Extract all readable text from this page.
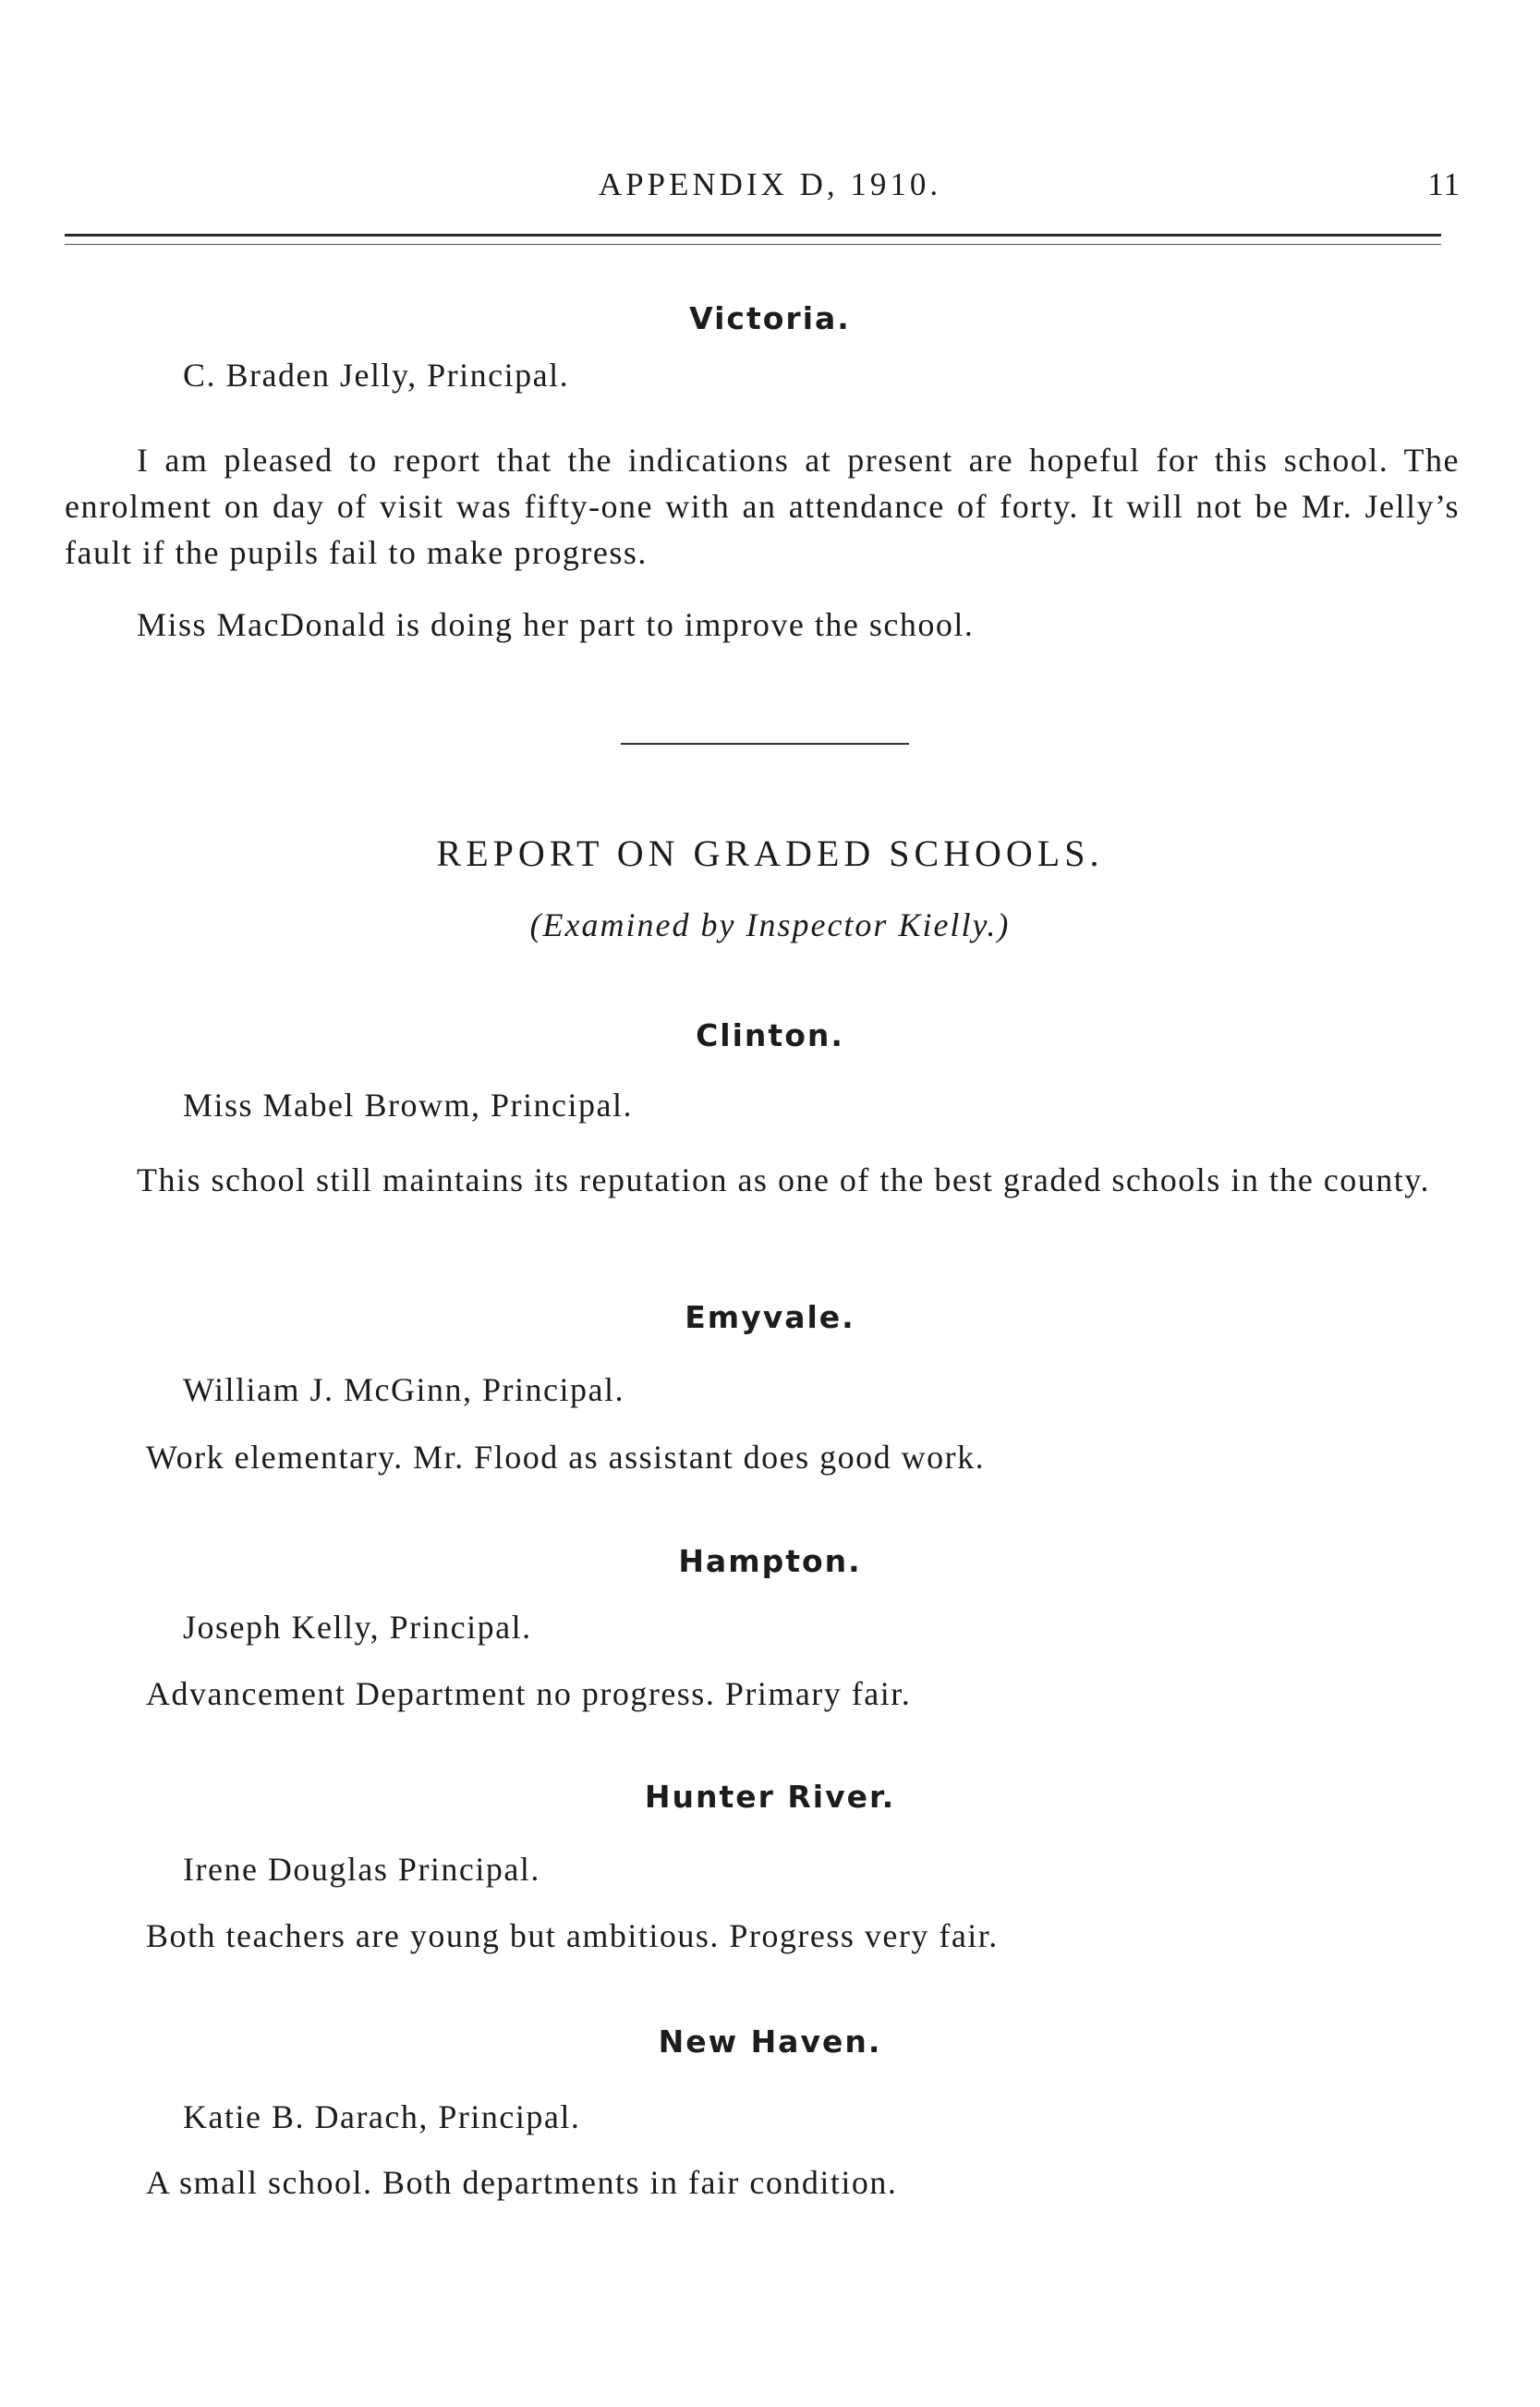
APPENDIX D, 1910.	11
Victoria.
C. Braden Jelly, Principal.
I am pleased to report that the indications at present are hopeful for this school. The enrolment on day of visit was fifty-one with an attendance of forty. It will not be Mr. Jelly’s fault if the pupils fail to make progress.
Miss MacDonald is doing her part to improve the school.
REPORT ON GRADED SCHOOLS.
(Examined by Inspector Kielly.)
Clinton.
Miss Mabel Browm, Principal.
This school still maintains its reputation as one of the best graded schools in the county.
Emyvale.
William J. McGinn, Principal.
Work elementary. Mr. Flood as assistant does good work.
Hampton.
Joseph Kelly, Principal.
Advancement Department no progress. Primary fair.
Hunter River.
Irene Douglas Principal.
Both teachers are young but ambitious. Progress very fair.
New Haven.
Katie B. Darach, Principal.
A small school. Both departments in fair condition.
